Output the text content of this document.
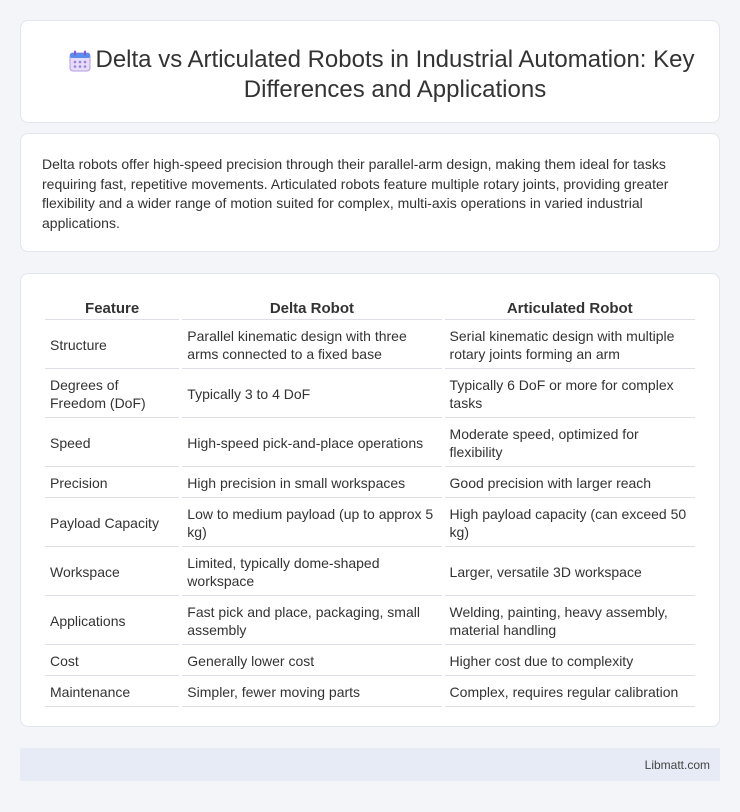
Delta vs Articulated Robots in Industrial Automation: Key Differences and Applications

Delta robots offer high-speed precision through their parallel-arm design, making them ideal for tasks requiring fast, repetitive movements. Articulated robots feature multiple rotary joints, providing greater flexibility and a wider range of motion suited for complex, multi-axis operations in varied industrial applications.

Feature	Delta Robot	Articulated Robot
Structure	Parallel kinematic design with three arms connected to a fixed base	Serial kinematic design with multiple rotary joints forming an arm
Degrees of Freedom (DoF)	Typically 3 to 4 DoF	Typically 6 DoF or more for complex tasks
Speed	High-speed pick-and-place operations	Moderate speed, optimized for flexibility
Precision	High precision in small workspaces	Good precision with larger reach
Payload Capacity	Low to medium payload (up to approx 5 kg)	High payload capacity (can exceed 50 kg)
Workspace	Limited, typically dome-shaped workspace	Larger, versatile 3D workspace
Applications	Fast pick and place, packaging, small assembly	Welding, painting, heavy assembly, material handling
Cost	Generally lower cost	Higher cost due to complexity
Maintenance	Simpler, fewer moving parts	Complex, requires regular calibration
Libmatt.com
